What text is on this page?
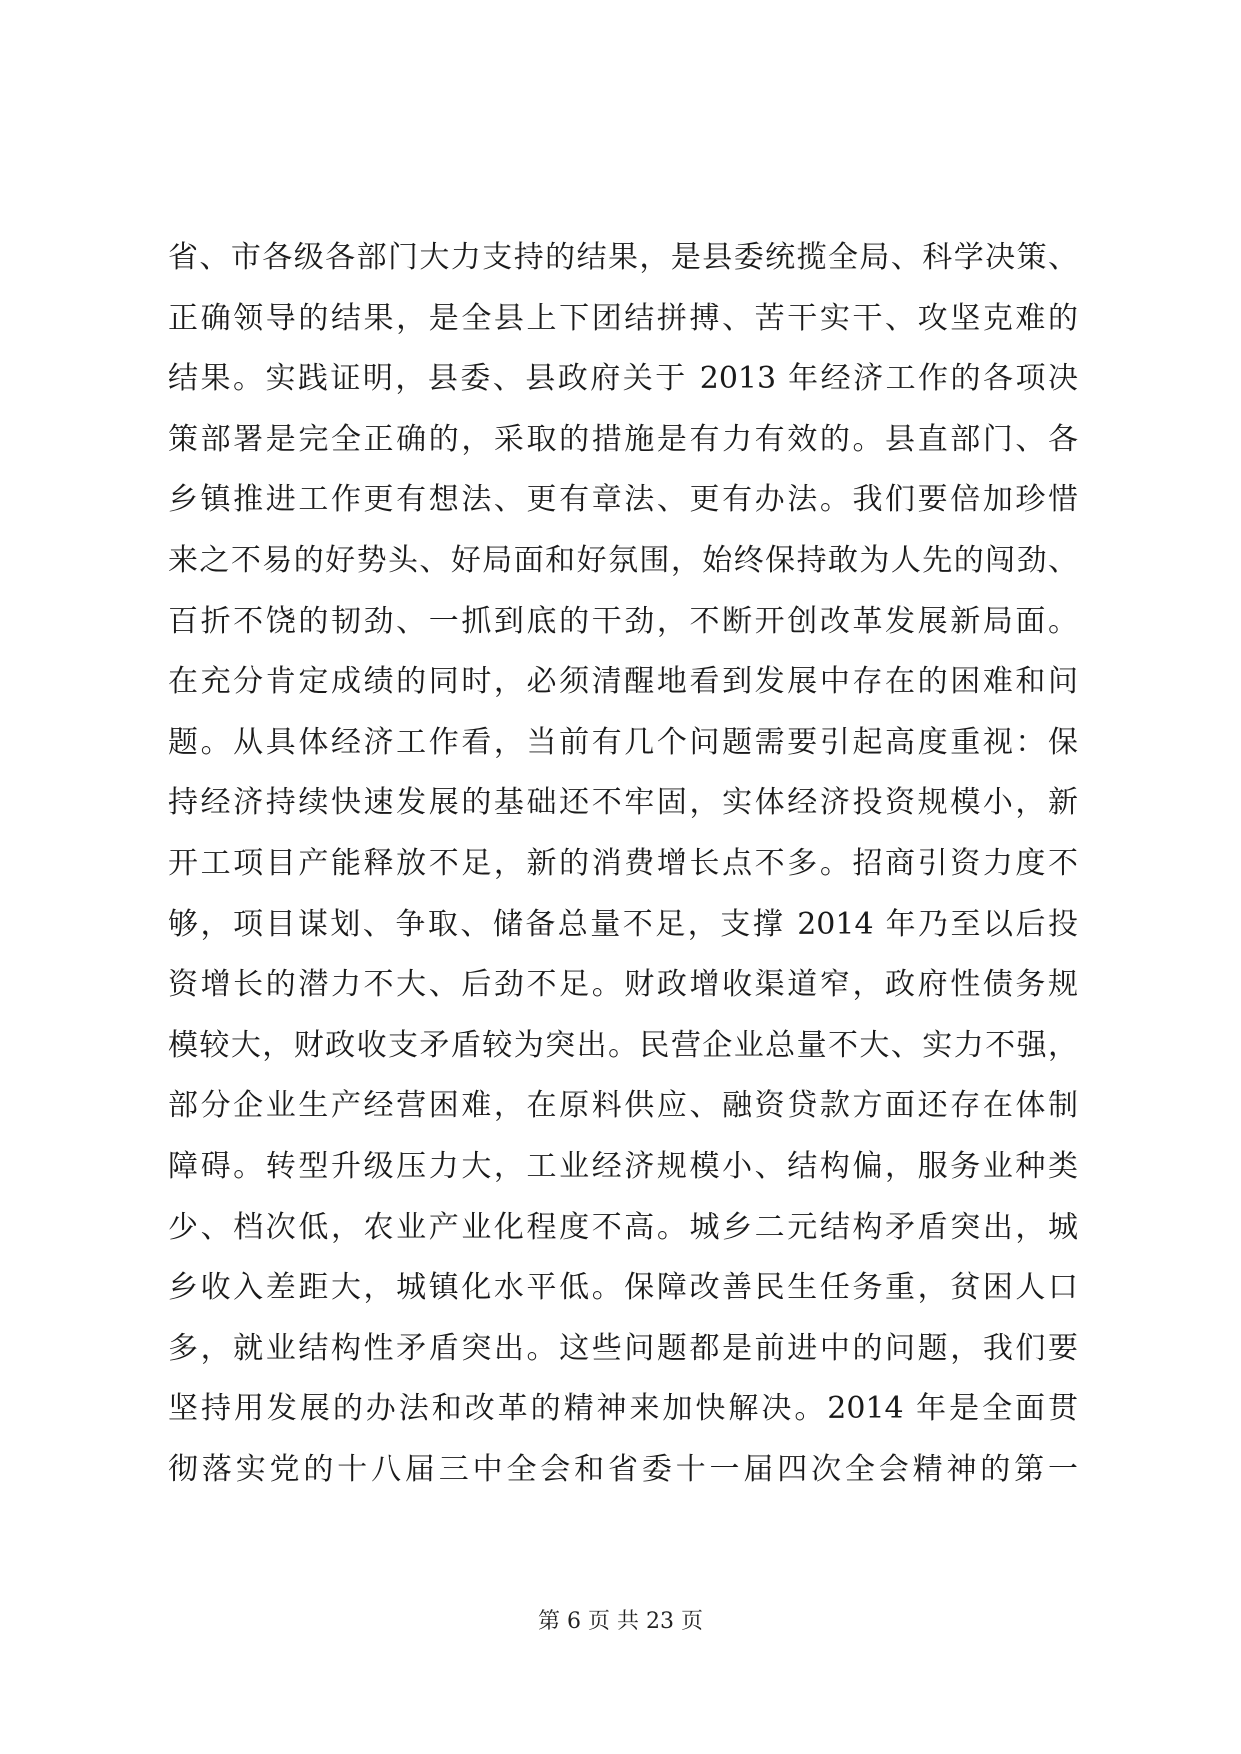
省、市各级各部门大力支持的结果，是县委统揽全局、科学决策、
正确领导的结果，是全县上下团结拼搏、苦干实干、攻坚克难的
结果。实践证明，县委、县政府关于 2013 年经济工作的各项决
策部署是完全正确的，采取的措施是有力有效的。县直部门、各
乡镇推进工作更有想法、更有章法、更有办法。我们要倍加珍惜
来之不易的好势头、好局面和好氛围，始终保持敢为人先的闯劲、
百折不饶的韧劲、一抓到底的干劲，不断开创改革发展新局面。
在充分肯定成绩的同时，必须清醒地看到发展中存在的困难和问
题。从具体经济工作看，当前有几个问题需要引起高度重视：保
持经济持续快速发展的基础还不牢固，实体经济投资规模小，新
开工项目产能释放不足，新的消费增长点不多。招商引资力度不
够，项目谋划、争取、储备总量不足，支撑 2014 年乃至以后投
资增长的潜力不大、后劲不足。财政增收渠道窄，政府性债务规
模较大，财政收支矛盾较为突出。民营企业总量不大、实力不强，
部分企业生产经营困难，在原料供应、融资贷款方面还存在体制
障碍。转型升级压力大，工业经济规模小、结构偏，服务业种类
少、档次低，农业产业化程度不高。城乡二元结构矛盾突出，城
乡收入差距大，城镇化水平低。保障改善民生任务重，贫困人口
多，就业结构性矛盾突出。这些问题都是前进中的问题，我们要
坚持用发展的办法和改革的精神来加快解决。2014 年是全面贯
彻落实党的十八届三中全会和省委十一届四次全会精神的第一
第 6 页 共 23 页
